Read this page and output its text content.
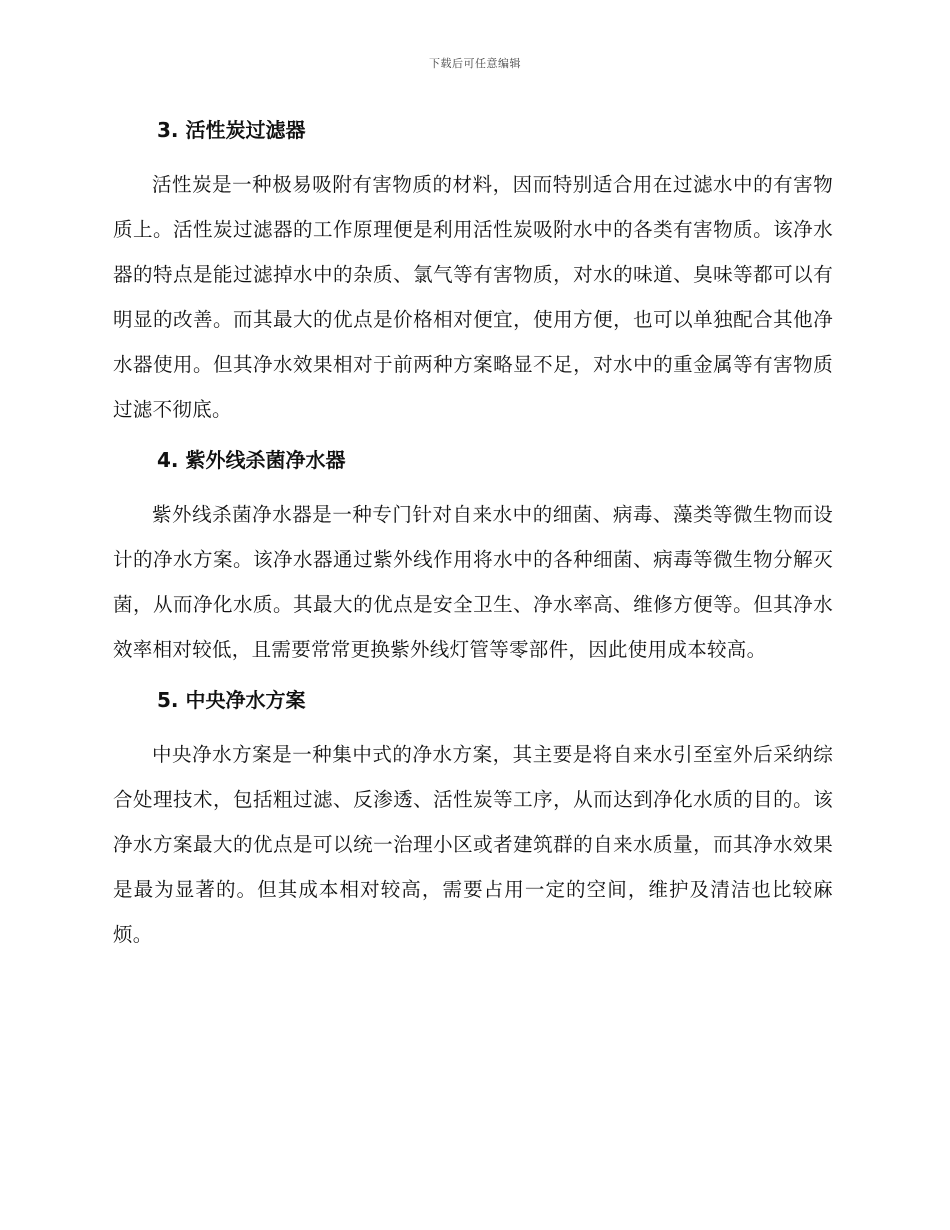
下载后可任意编辑
3. 活性炭过滤器

活性炭是一种极易吸附有害物质的材料，因而特别适合用在过滤水中的有害物质上。活性炭过滤器的工作原理便是利用活性炭吸附水中的各类有害物质。该净水器的特点是能过滤掉水中的杂质、氯气等有害物质，对水的味道、臭味等都可以有明显的改善。而其最大的优点是价格相对便宜，使用方便，也可以单独配合其他净水器使用。但其净水效果相对于前两种方案略显不足，对水中的重金属等有害物质过滤不彻底。

4. 紫外线杀菌净水器

紫外线杀菌净水器是一种专门针对自来水中的细菌、病毒、藻类等微生物而设计的净水方案。该净水器通过紫外线作用将水中的各种细菌、病毒等微生物分解灭菌，从而净化水质。其最大的优点是安全卫生、净水率高、维修方便等。但其净水效率相对较低，且需要常常更换紫外线灯管等零部件，因此使用成本较高。

5. 中央净水方案

中央净水方案是一种集中式的净水方案，其主要是将自来水引至室外后采纳综合处理技术，包括粗过滤、反渗透、活性炭等工序，从而达到净化水质的目的。该净水方案最大的优点是可以统一治理小区或者建筑群的自来水质量，而其净水效果是最为显著的。但其成本相对较高，需要占用一定的空间，维护及清洁也比较麻烦。
